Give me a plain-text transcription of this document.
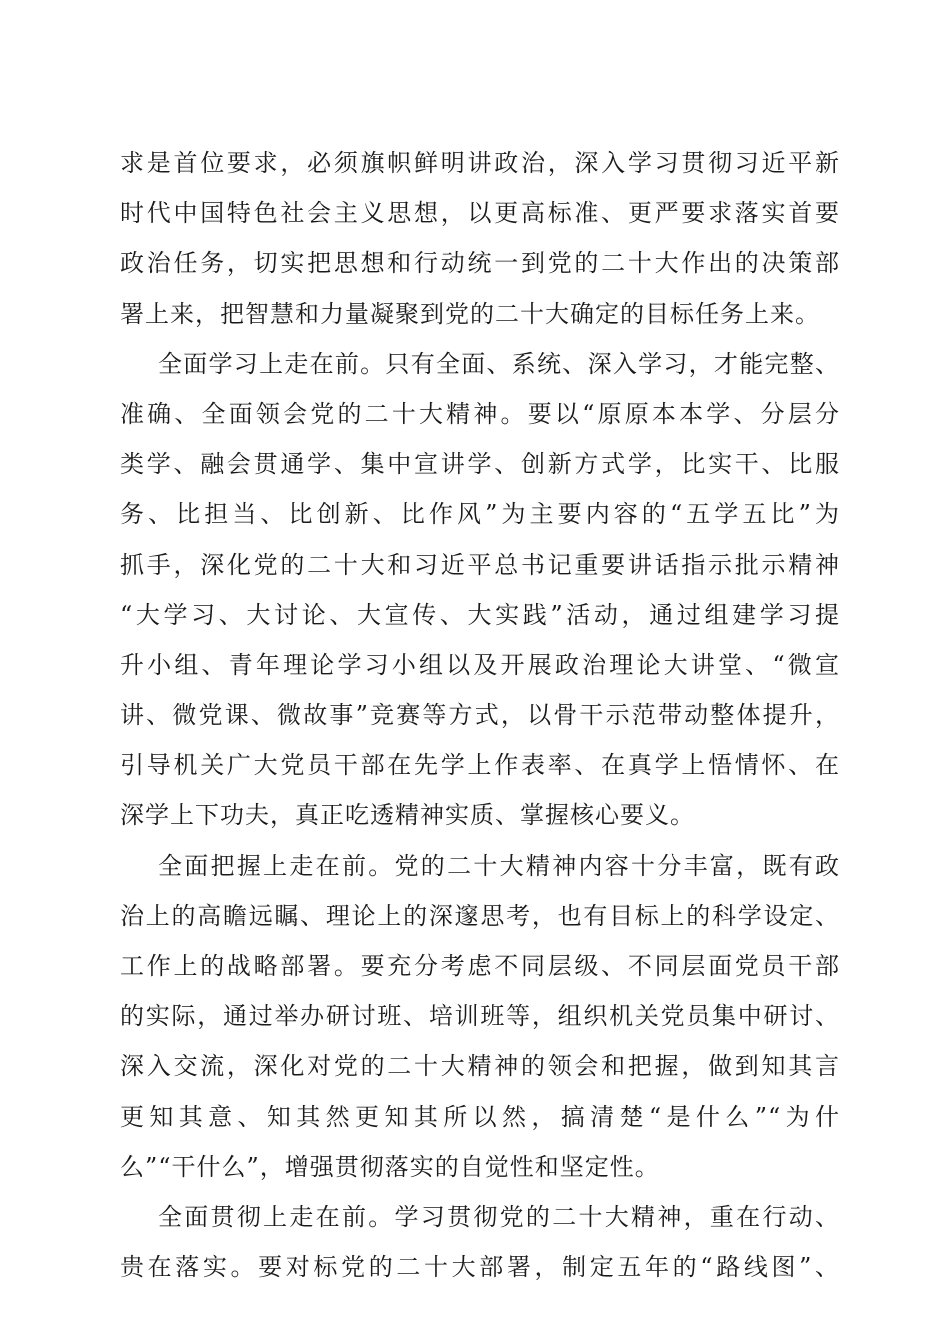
求是首位要求，必须旗帜鲜明讲政治，深入学习贯彻习近平新
时代中国特色社会主义思想，以更高标准、更严要求落实首要
政治任务，切实把思想和行动统一到党的二十大作出的决策部
署上来，把智慧和力量凝聚到党的二十大确定的目标任务上来。
全面学习上走在前。只有全面、系统、深入学习，才能完整、
准确、全面领会党的二十大精神。要以“原原本本学、分层分
类学、融会贯通学、集中宣讲学、创新方式学，比实干、比服
务、比担当、比创新、比作风”为主要内容的“五学五比”为
抓手，深化党的二十大和习近平总书记重要讲话指示批示精神
“大学习、大讨论、大宣传、大实践”活动，通过组建学习提
升小组、青年理论学习小组以及开展政治理论大讲堂、“微宣
讲、微党课、微故事”竞赛等方式，以骨干示范带动整体提升，
引导机关广大党员干部在先学上作表率、在真学上悟情怀、在
深学上下功夫，真正吃透精神实质、掌握核心要义。
全面把握上走在前。党的二十大精神内容十分丰富，既有政
治上的高瞻远瞩、理论上的深邃思考，也有目标上的科学设定、
工作上的战略部署。要充分考虑不同层级、不同层面党员干部
的实际，通过举办研讨班、培训班等，组织机关党员集中研讨、
深入交流，深化对党的二十大精神的领会和把握，做到知其言
更知其意、知其然更知其所以然，搞清楚“是什么”“为什
么”“干什么”，增强贯彻落实的自觉性和坚定性。
全面贯彻上走在前。学习贯彻党的二十大精神，重在行动、
贵在落实。要对标党的二十大部署，制定五年的“路线图”、
